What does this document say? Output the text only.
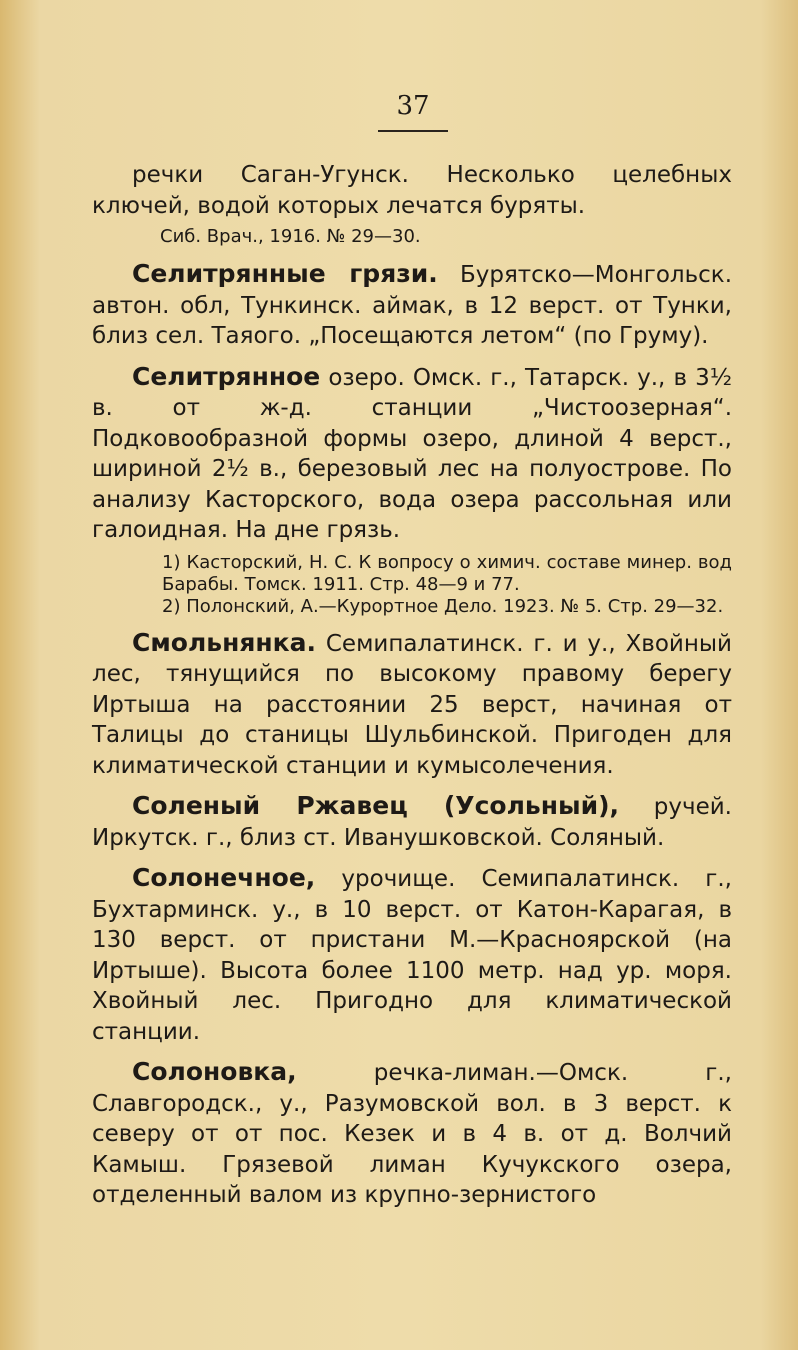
37

речки Саган-Угунск. Несколько целебных ключей, водой которых лечатся буряты.

Сиб. Врач., 1916. № 29—30.

Селитрянные грязи. Бурятско—Монгольск. автон. обл, Тункинск. аймак, в 12 верст. от Тунки, близ сел. Таяого. „Посещаются летом“ (по Груму).

Селитрянное озеро. Омск. г., Татарск. у., в 3½ в. от ж-д. станции „Чистоозерная“. Подковообразной формы озеро, длиной 4 верст., шириной 2½ в., березовый лес на полуострове. По анализу Касторского, вода озера рассольная или галоидная. На дне грязь.

1) Касторский, Н. С. К вопросу о химич. составе минер. вод Барабы. Томск. 1911. Стр. 48—9 и 77.
2) Полонский, А.—Курортное Дело. 1923. № 5. Стр. 29—32.

Смольнянка. Семипалатинск. г. и у., Хвойный лес, тянущийся по высокому правому берегу Иртыша на расстоянии 25 верст, начиная от Талицы до станицы Шульбинской. Пригоден для климатической станции и кумысолечения.

Соленый Ржавец (Усольный), ручей. Иркутск. г., близ ст. Иванушковской. Соляный.

Солонечное, урочище. Семипалатинск. г., Бухтарминск. у., в 10 верст. от Катон-Карагая, в 130 верст. от пристани М.—Красноярской (на Иртыше). Высота более 1100 метр. над ур. моря. Хвойный лес. Пригодно для климатической станции.

Солоновка, речка-лиман.—Омск. г., Славгородск., у., Разумовской вол. в 3 верст. к северу от от пос. Кезек и в 4 в. от д. Волчий Камыш. Грязевой лиман Кучукского озера, отделенный валом из крупно-зернистого
